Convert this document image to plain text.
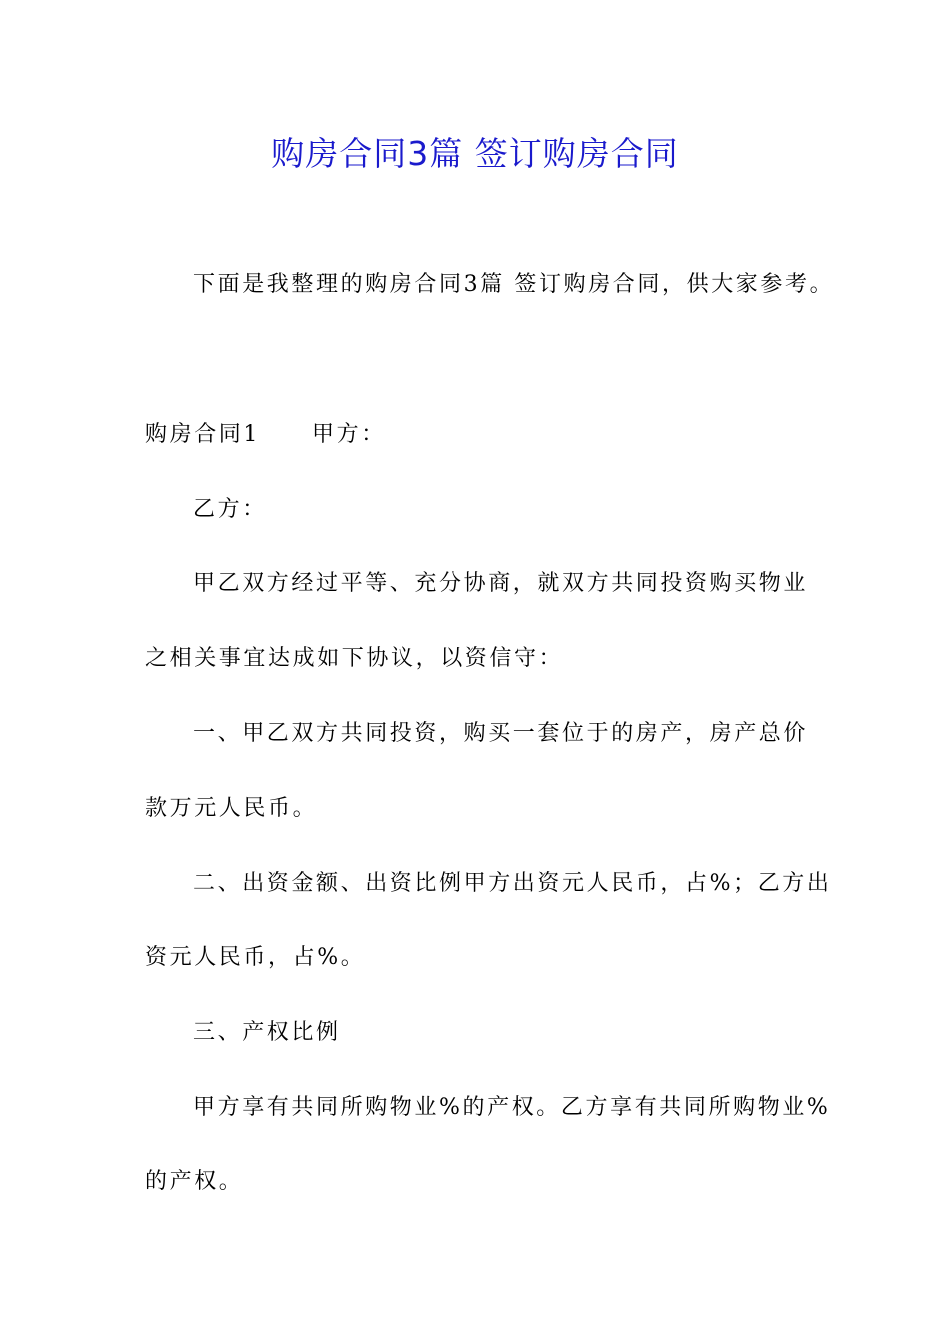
购房合同3篇 签订购房合同
下面是我整理的购房合同3篇 签订购房合同，供大家参考。
购房合同1 甲方：
乙方：
甲乙双方经过平等、充分协商，就双方共同投资购买物业
之相关事宜达成如下协议，以资信守：
一、甲乙双方共同投资，购买一套位于的房产，房产总价
款万元人民币。
二、出资金额、出资比例甲方出资元人民币，占%；乙方出
资元人民币，占%。
三、产权比例
甲方享有共同所购物业%的产权。乙方享有共同所购物业%
的产权。
